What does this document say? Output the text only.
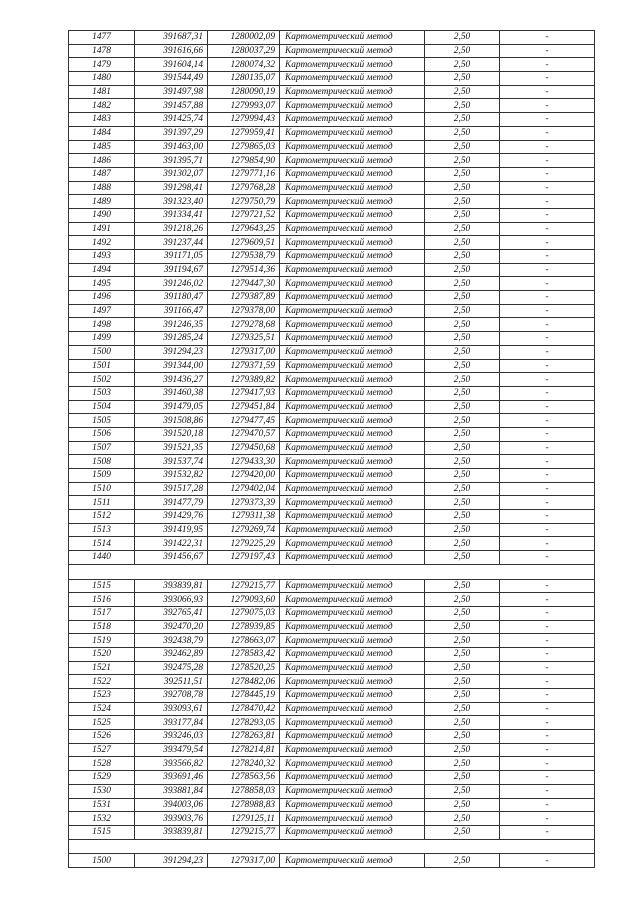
1477	391687,31	1280002,09	Картометрический метод	2,50	-
1478	391616,66	1280037,29	Картометрический метод	2,50	-
1479	391604,14	1280074,32	Картометрический метод	2,50	-
1480	391544,49	1280135,07	Картометрический метод	2,50	-
1481	391497,98	1280090,19	Картометрический метод	2,50	-
1482	391457,88	1279993,07	Картометрический метод	2,50	-
1483	391425,74	1279994,43	Картометрический метод	2,50	-
1484	391397,29	1279959,41	Картометрический метод	2,50	-
1485	391463,00	1279865,03	Картометрический метод	2,50	-
1486	391395,71	1279854,90	Картометрический метод	2,50	-
1487	391302,07	1279771,16	Картометрический метод	2,50	-
1488	391298,41	1279768,28	Картометрический метод	2,50	-
1489	391323,40	1279750,79	Картометрический метод	2,50	-
1490	391334,41	1279721,52	Картометрический метод	2,50	-
1491	391218,26	1279643,25	Картометрический метод	2,50	-
1492	391237,44	1279609,51	Картометрический метод	2,50	-
1493	391171,05	1279538,79	Картометрический метод	2,50	-
1494	391194,67	1279514,36	Картометрический метод	2,50	-
1495	391246,02	1279447,30	Картометрический метод	2,50	-
1496	391180,47	1279387,89	Картометрический метод	2,50	-
1497	391166,47	1279378,00	Картометрический метод	2,50	-
1498	391246,35	1279278,68	Картометрический метод	2,50	-
1499	391285,24	1279325,51	Картометрический метод	2,50	-
1500	391294,23	1279317,00	Картометрический метод	2,50	-
1501	391344,00	1279371,59	Картометрический метод	2,50	-
1502	391436,27	1279389,82	Картометрический метод	2,50	-
1503	391460,38	1279417,93	Картометрический метод	2,50	-
1504	391479,05	1279451,84	Картометрический метод	2,50	-
1505	391508,86	1279477,45	Картометрический метод	2,50	-
1506	391520,18	1279470,57	Картометрический метод	2,50	-
1507	391521,35	1279450,68	Картометрический метод	2,50	-
1508	391537,74	1279433,30	Картометрический метод	2,50	-
1509	391532,82	1279420,00	Картометрический метод	2,50	-
1510	391517,28	1279402,04	Картометрический метод	2,50	-
1511	391477,79	1279373,39	Картометрический метод	2,50	-
1512	391429,76	1279311,38	Картометрический метод	2,50	-
1513	391419,95	1279269,74	Картометрический метод	2,50	-
1514	391422,31	1279225,29	Картометрический метод	2,50	-
1440	391456,67	1279197,43	Картометрический метод	2,50	-

1515	393839,81	1279215,77	Картометрический метод	2,50	-
1516	393066,93	1279093,60	Картометрический метод	2,50	-
1517	392765,41	1279075,03	Картометрический метод	2,50	-
1518	392470,20	1278939,85	Картометрический метод	2,50	-
1519	392438,79	1278663,07	Картометрический метод	2,50	-
1520	392462,89	1278583,42	Картометрический метод	2,50	-
1521	392475,28	1278520,25	Картометрический метод	2,50	-
1522	392511,51	1278482,06	Картометрический метод	2,50	-
1523	392708,78	1278445,19	Картометрический метод	2,50	-
1524	393093,61	1278470,42	Картометрический метод	2,50	-
1525	393177,84	1278293,05	Картометрический метод	2,50	-
1526	393246,03	1278263,81	Картометрический метод	2,50	-
1527	393479,54	1278214,81	Картометрический метод	2,50	-
1528	393566,82	1278240,32	Картометрический метод	2,50	-
1529	393691,46	1278563,56	Картометрический метод	2,50	-
1530	393881,84	1278858,03	Картометрический метод	2,50	-
1531	394003,06	1278988,83	Картометрический метод	2,50	-
1532	393903,76	1279125,11	Картометрический метод	2,50	-
1515	393839,81	1279215,77	Картометрический метод	2,50	-

1500	391294,23	1279317,00	Картометрический метод	2,50	-
